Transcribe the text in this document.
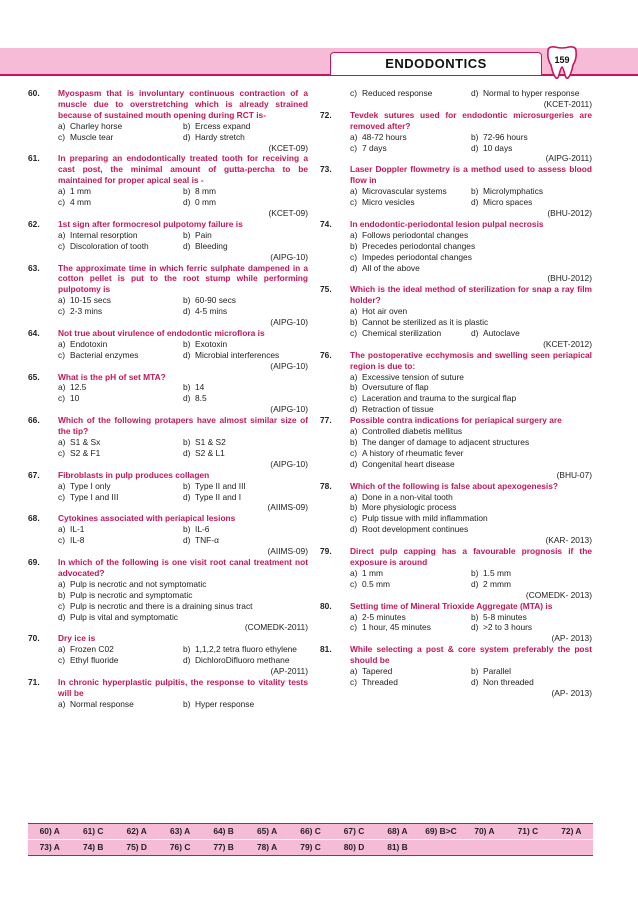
ENDODONTICS	159
60. Myospasm that is involuntary continuous contraction of a muscle due to overstretching which is already strained because of sustained mouth opening during RCT is-
a) Charley horse	b) Ercess expand
c) Muscle tear	d) Hardy stretch
(KCET-09)
61. In preparing an endodontically treated tooth for receiving a cast post, the minimal amount of gutta-percha to be maintained for proper apical seal is -
a) 1 mm	b) 8 mm
c) 4 mm	d) 0 mm
(KCET-09)
62. 1st sign after formocresol pulpotomy failure is
a) Internal resorption	b) Pain
c) Discoloration of tooth	d) Bleeding
(AIPG-10)
63. The approximate time in which ferric sulphate dampened in a cotton pellet is put to the root stump while performing pulpotomy is
a) 10-15 secs	b) 60-90 secs
c) 2-3 mins	d) 4-5 mins
(AIPG-10)
64. Not true about virulence of endodontic microflora is
a) Endotoxin	b) Exotoxin
c) Bacterial enzymes	d) Microbial interferences
(AIPG-10)
65. What is the pH of set MTA?
a) 12.5	b) 14
c) 10	d) 8.5
(AIPG-10)
66. Which of the following protapers have almost similar size of the tip?
a) S1 & Sx	b) S1 & S2
c) S2 & F1	d) S2 & L1
(AIPG-10)
67. Fibroblasts in pulp produces collagen
a) Type I only	b) Type II and III
c) Type I and III	d) Type II and I
(AIIMS-09)
68. Cytokines associated with periapical lesions
a) IL-1	b) IL-6
c) IL-8	d) TNF-α
(AIIMS-09)
69. In which of the following is one visit root canal treatment not advocated?
a) Pulp is necrotic and not symptomatic
b) Pulp is necrotic and symptomatic
c) Pulp is necrotic and there is a draining sinus tract
d) Pulp is vital and symptomatic
(COMEDK-2011)
70. Dry ice is
a) Frozen C02	b) 1,1,2,2 tetra fluoro ethylene
c) Ethyl fluoride	d) DichloroDifluoro methane
(AP-2011)
71. In chronic hyperplastic pulpitis, the response to vitality tests will be
a) Normal response	b) Hyper response
c) Reduced response	d) Normal to hyper response
(KCET-2011)
72. Tevdek sutures used for endodontic microsurgeries are removed after?
a) 48-72 hours	b) 72-96 hours
c) 7 days	d) 10 days
(AIPG-2011)
73. Laser Doppler flowmetry is a method used to assess blood flow in
a) Microvascular systems	b) Microlymphatics
c) Micro vesicles	d) Micro spaces
(BHU-2012)
74. In endodontic-periodontal lesion pulpal necrosis
a) Follows periodontal changes
b) Precedes periodontal changes
c) Impedes periodontal changes
d) All of the above
(BHU-2012)
75. Which is the ideal method of sterilization for snap a ray film holder?
a) Hot air oven
b) Cannot be sterilized as it is plastic
c) Chemical sterilization	d) Autoclave
(KCET-2012)
76. The postoperative ecchymosis and swelling seen periapical region is due to:
a) Excessive tension of suture
b) Oversuture of flap
c) Laceration and trauma to the surgical flap
d) Retraction of tissue
77. Possible contra indications for periapical surgery are
a) Controlled diabetis mellitus
b) The danger of damage to adjacent structures
c) A history of rheumatic fever
d) Congenital heart disease
(BHU-07)
78. Which of the following is false about apexogenesis?
a) Done in a non-vital tooth
b) More physiologic process
c) Pulp tissue with mild inflammation
d) Root development continues
(KAR- 2013)
79. Direct pulp capping has a favourable prognosis if the exposure is around
a) 1 mm	b) 1.5 mm
c) 0.5 mm	d) 2 mmm
(COMEDK- 2013)
80. Setting time of Mineral Trioxide Aggregate (MTA) is
a) 2-5 minutes	b) 5-8 minutes
c) 1 hour, 45 minutes	d) >2 to 3 hours
(AP- 2013)
81. While selecting a post & core system preferably the post should be
a) Tapered	b) Parallel
c) Threaded	d) Non threaded
(AP- 2013)
60) A	61) C	62) A	63) A	64) B	65) A	66) C	67) C	68) A	69) B>C	70) A	71) C	72) A
73) A	74) B	75) D	76) C	77) B	78) A	79) C	80) D	81) B
